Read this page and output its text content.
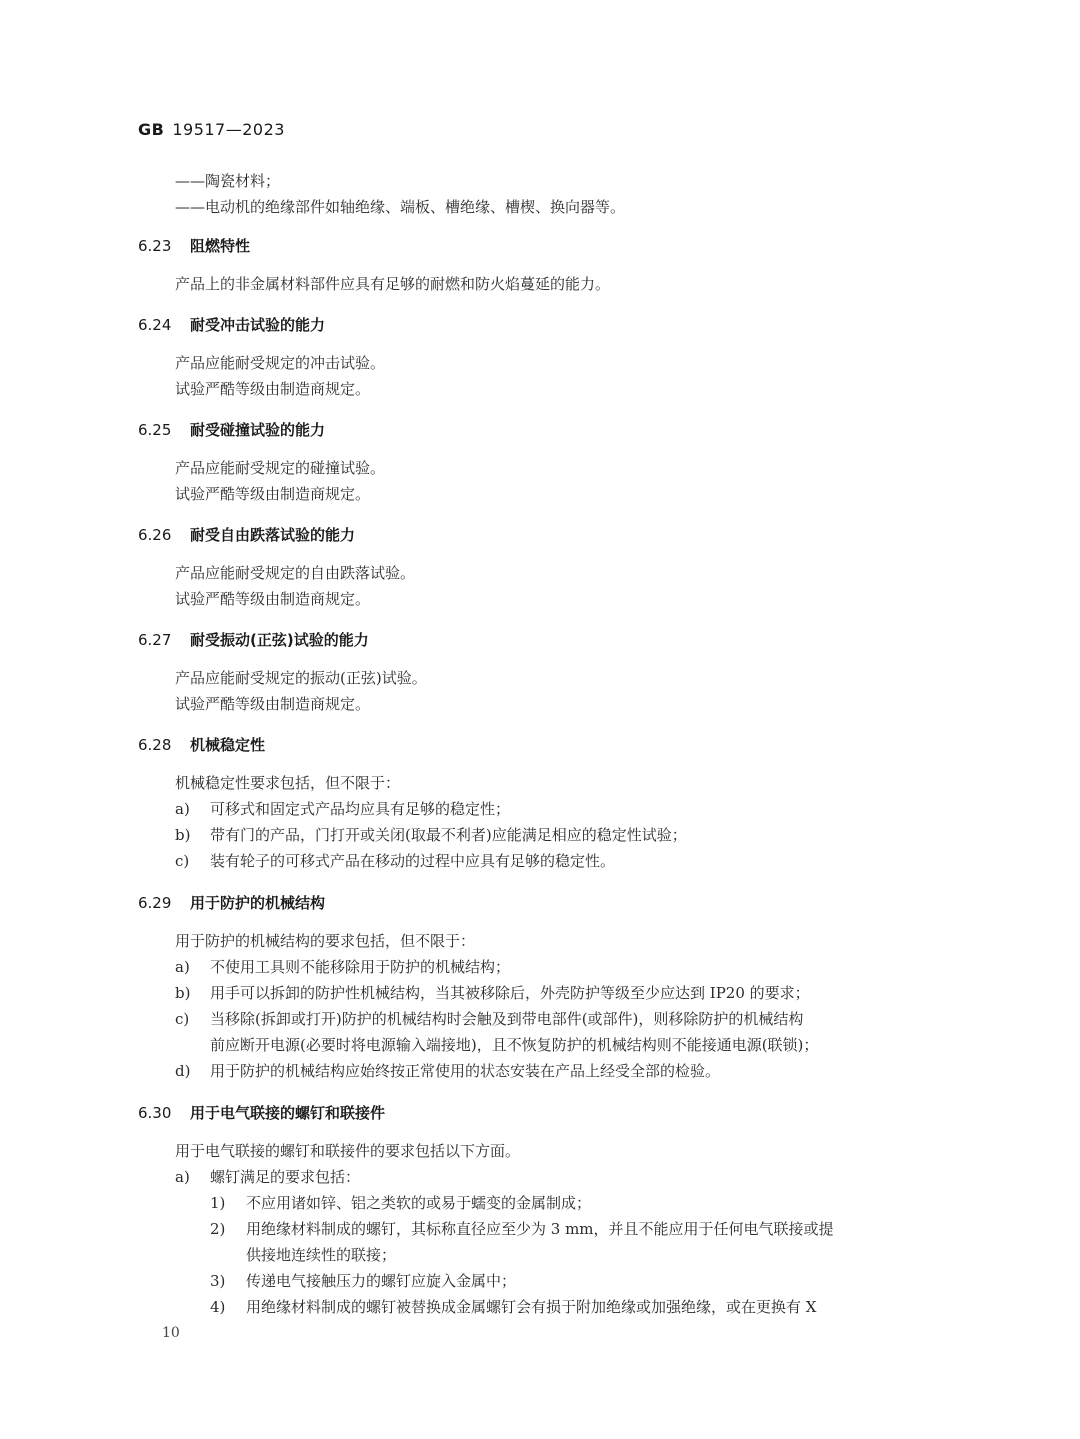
GB 19517—2023
——陶瓷材料；
——电动机的绝缘部件如轴绝缘、端板、槽绝缘、槽楔、换向器等。
6.23 阻燃特性
产品上的非金属材料部件应具有足够的耐燃和防火焰蔓延的能力。
6.24 耐受冲击试验的能力
产品应能耐受规定的冲击试验。
试验严酷等级由制造商规定。
6.25 耐受碰撞试验的能力
产品应能耐受规定的碰撞试验。
试验严酷等级由制造商规定。
6.26 耐受自由跌落试验的能力
产品应能耐受规定的自由跌落试验。
试验严酷等级由制造商规定。
6.27 耐受振动(正弦)试验的能力
产品应能耐受规定的振动(正弦)试验。
试验严酷等级由制造商规定。
6.28 机械稳定性
机械稳定性要求包括，但不限于：
a) 可移式和固定式产品均应具有足够的稳定性；
b) 带有门的产品，门打开或关闭(取最不利者)应能满足相应的稳定性试验；
c) 装有轮子的可移式产品在移动的过程中应具有足够的稳定性。
6.29 用于防护的机械结构
用于防护的机械结构的要求包括，但不限于：
a) 不使用工具则不能移除用于防护的机械结构；
b) 用手可以拆卸的防护性机械结构，当其被移除后，外壳防护等级至少应达到 IP20 的要求；
c) 当移除(拆卸或打开)防护的机械结构时会触及到带电部件(或部件)，则移除防护的机械结构
前应断开电源(必要时将电源输入端接地)，且不恢复防护的机械结构则不能接通电源(联锁)；
d) 用于防护的机械结构应始终按正常使用的状态安装在产品上经受全部的检验。
6.30 用于电气联接的螺钉和联接件
用于电气联接的螺钉和联接件的要求包括以下方面。
a) 螺钉满足的要求包括：
1) 不应用诸如锌、铝之类软的或易于蠕变的金属制成；
2) 用绝缘材料制成的螺钉，其标称直径应至少为 3 mm，并且不能应用于任何电气联接或提
供接地连续性的联接；
3) 传递电气接触压力的螺钉应旋入金属中；
4) 用绝缘材料制成的螺钉被替换成金属螺钉会有损于附加绝缘或加强绝缘，或在更换有 X
10
